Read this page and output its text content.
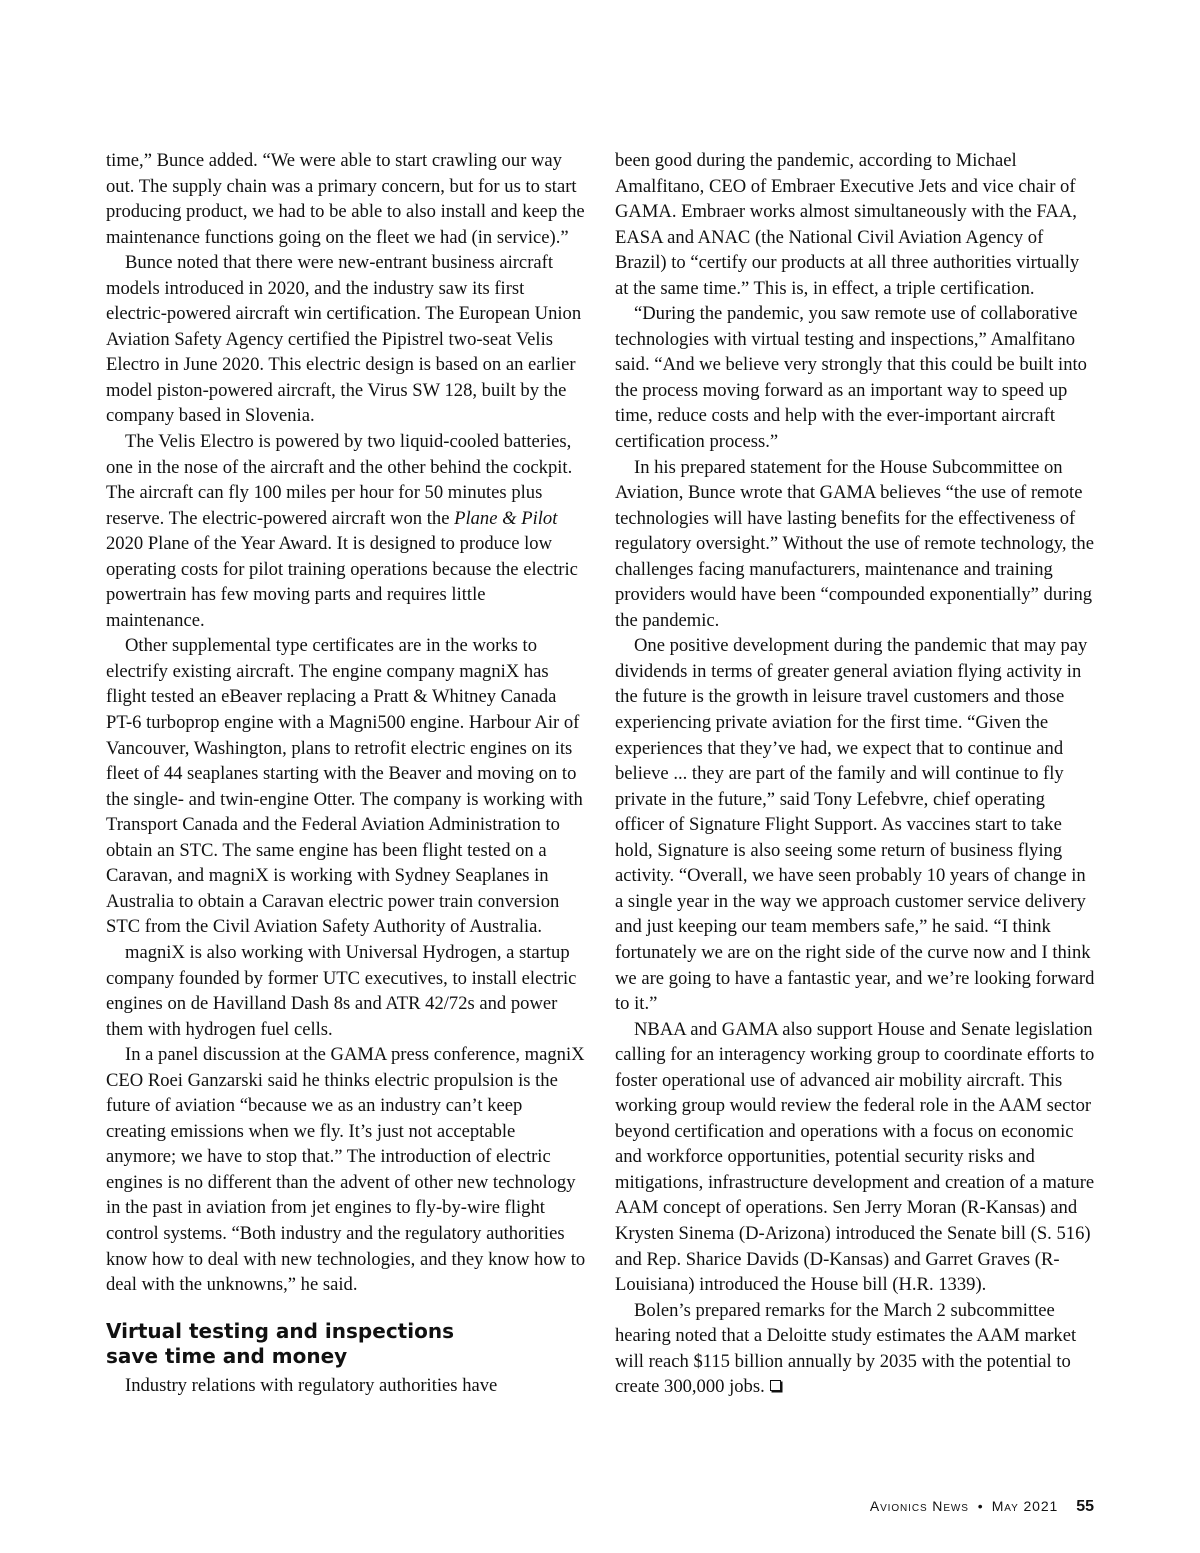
time,” Bunce added. “We were able to start crawling our way out. The supply chain was a primary concern, but for us to start producing product, we had to be able to also install and keep the maintenance functions going on the fleet we had (in service).”

Bunce noted that there were new-entrant business aircraft models introduced in 2020, and the industry saw its first electric-powered aircraft win certification. The European Union Aviation Safety Agency certified the Pipistrel two-seat Velis Electro in June 2020. This electric design is based on an earlier model piston-powered aircraft, the Virus SW 128, built by the company based in Slovenia.

The Velis Electro is powered by two liquid-cooled batteries, one in the nose of the aircraft and the other behind the cockpit. The aircraft can fly 100 miles per hour for 50 minutes plus reserve. The electric-powered aircraft won the Plane & Pilot 2020 Plane of the Year Award. It is designed to produce low operating costs for pilot training operations because the electric powertrain has few moving parts and requires little maintenance.

Other supplemental type certificates are in the works to electrify existing aircraft. The engine company magniX has flight tested an eBeaver replacing a Pratt & Whitney Canada PT-6 turboprop engine with a Magni500 engine. Harbour Air of Vancouver, Washington, plans to retrofit electric engines on its fleet of 44 seaplanes starting with the Beaver and moving on to the single- and twin-engine Otter. The company is working with Transport Canada and the Federal Aviation Administration to obtain an STC. The same engine has been flight tested on a Caravan, and magniX is working with Sydney Seaplanes in Australia to obtain a Caravan electric power train conversion STC from the Civil Aviation Safety Authority of Australia.

magniX is also working with Universal Hydrogen, a startup company founded by former UTC executives, to install electric engines on de Havilland Dash 8s and ATR 42/72s and power them with hydrogen fuel cells.

In a panel discussion at the GAMA press conference, magniX CEO Roei Ganzarski said he thinks electric propulsion is the future of aviation “because we as an industry can’t keep creating emissions when we fly. It’s just not acceptable anymore; we have to stop that.” The introduction of electric engines is no different than the advent of other new technology in the past in aviation from jet engines to fly-by-wire flight control systems. “Both industry and the regulatory authorities know how to deal with new technologies, and they know how to deal with the unknowns,” he said.

Virtual testing and inspections
save time and money

Industry relations with regulatory authorities have

been good during the pandemic, according to Michael Amalfitano, CEO of Embraer Executive Jets and vice chair of GAMA. Embraer works almost simultaneously with the FAA, EASA and ANAC (the National Civil Aviation Agency of Brazil) to “certify our products at all three authorities virtually at the same time.” This is, in effect, a triple certification.

“During the pandemic, you saw remote use of collaborative technologies with virtual testing and inspections,” Amalfitano said. “And we believe very strongly that this could be built into the process moving forward as an important way to speed up time, reduce costs and help with the ever-important aircraft certification process.”

In his prepared statement for the House Subcommittee on Aviation, Bunce wrote that GAMA believes “the use of remote technologies will have lasting benefits for the effectiveness of regulatory oversight.” Without the use of remote technology, the challenges facing manufacturers, maintenance and training providers would have been “compounded exponentially” during the pandemic.

One positive development during the pandemic that may pay dividends in terms of greater general aviation flying activity in the future is the growth in leisure travel customers and those experiencing private aviation for the first time. “Given the experiences that they’ve had, we expect that to continue and believe ... they are part of the family and will continue to fly private in the future,” said Tony Lefebvre, chief operating officer of Signature Flight Support. As vaccines start to take hold, Signature is also seeing some return of business flying activity. “Overall, we have seen probably 10 years of change in a single year in the way we approach customer service delivery and just keeping our team members safe,” he said. “I think fortunately we are on the right side of the curve now and I think we are going to have a fantastic year, and we’re looking forward to it.”

NBAA and GAMA also support House and Senate legislation calling for an interagency working group to coordinate efforts to foster operational use of advanced air mobility aircraft. This working group would review the federal role in the AAM sector beyond certification and operations with a focus on economic and workforce opportunities, potential security risks and mitigations, infrastructure development and creation of a mature AAM concept of operations. Sen Jerry Moran (R-Kansas) and Krysten Sinema (D-Arizona) introduced the Senate bill (S. 516) and Rep. Sharice Davids (D-Kansas) and Garret Graves (R-Louisiana) introduced the House bill (H.R. 1339).

Bolen’s prepared remarks for the March 2 subcommittee hearing noted that a Deloitte study estimates the AAM market will reach $115 billion annually by 2035 with the potential to create 300,000 jobs.

Avionics News • May 2021 55
